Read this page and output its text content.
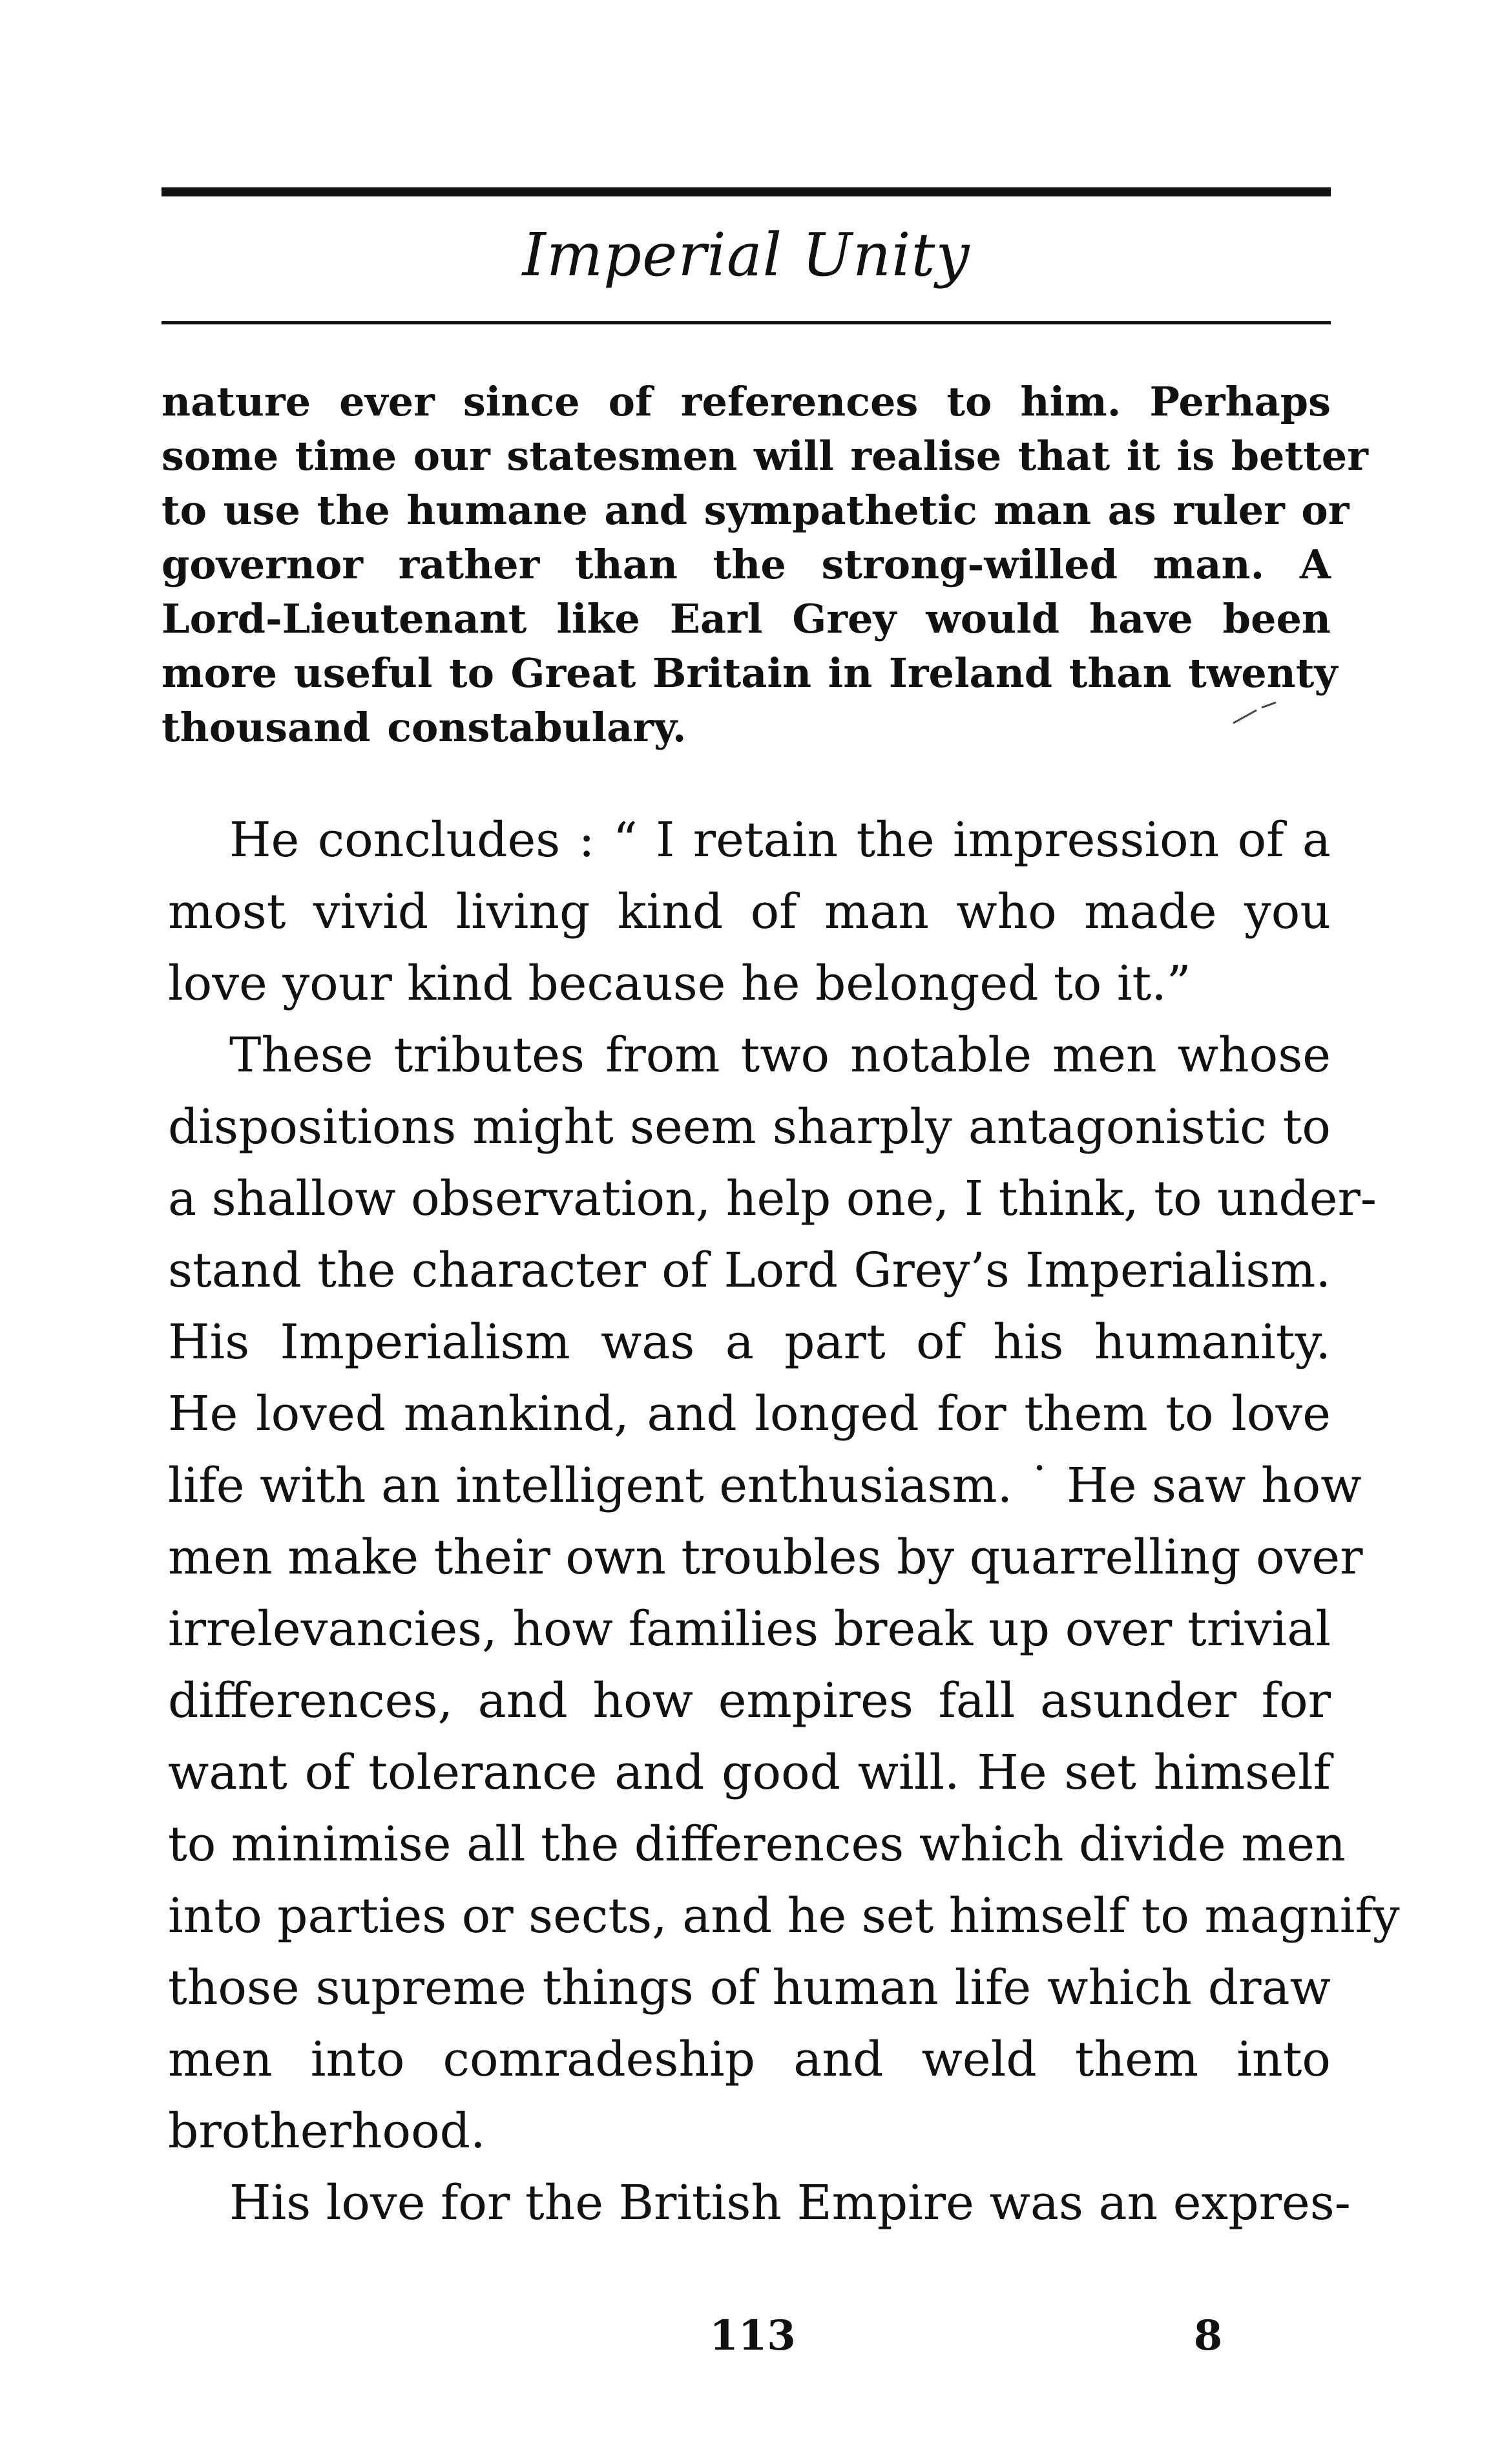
Imperial Unity
nature ever since of references to him. Perhaps
some time our statesmen will realise that it is better
to use the humane and sympathetic man as ruler or
governor rather than the strong-willed man. A
Lord-Lieutenant like Earl Grey would have been
more useful to Great Britain in Ireland than twenty
thousand constabulary.
He concludes : “ I retain the impression of a
most vivid living kind of man who made you
love your kind because he belonged to it.”
These tributes from two notable men whose
dispositions might seem sharply antagonistic to
a shallow observation, help one, I think, to under-
stand the character of Lord Grey’s Imperialism.
His Imperialism was a part of his humanity.
He loved mankind, and longed for them to love
life with an intelligent enthusiasm. ˙ He saw how
men make their own troubles by quarrelling over
irrelevancies, how families break up over trivial
differences, and how empires fall asunder for
want of tolerance and good will. He set himself
to minimise all the differences which divide men
into parties or sects, and he set himself to magnify
those supreme things of human life which draw
men into comradeship and weld them into
brotherhood.
His love for the British Empire was an expres-
113	8
